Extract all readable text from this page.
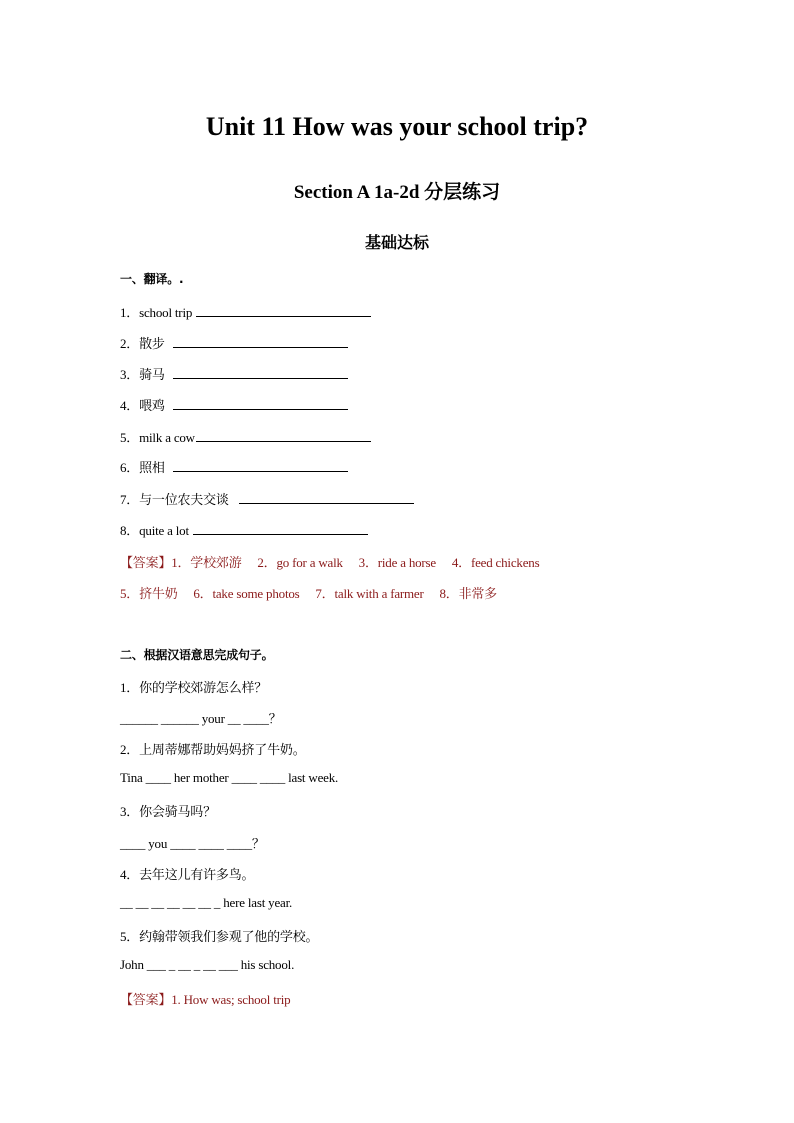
Unit 11 How was your school trip?
Section A 1a-2d 分层练习
基础达标
一、翻译。.
1．school trip
2．散步
3．骑马
4．喂鸡
5．milk a cow
6．照相
7．与一位农夫交谈
8．quite a lot
【答案】1．学校郊游　 2．go for a walk　 3．ride a horse　 4．feed chickens
5．挤牛奶　 6．take some photos　 7．talk with a farmer　 8．非常多
二、根据汉语意思完成句子。
1．你的学校郊游怎么样？
______ ______ your __ ____？
2．上周蒂娜帮助妈妈挤了牛奶。
Tina ____ her mother ____ ____ last week.
3．你会骑马吗？
____ you ____ ____ ____？
4．去年这儿有许多鸟。
__ __ __ __ __ __ _ here last year.
5．约翰带领我们参观了他的学校。
John ___ _ __ _ __ ___ his school.
【答案】1. How was; school trip
